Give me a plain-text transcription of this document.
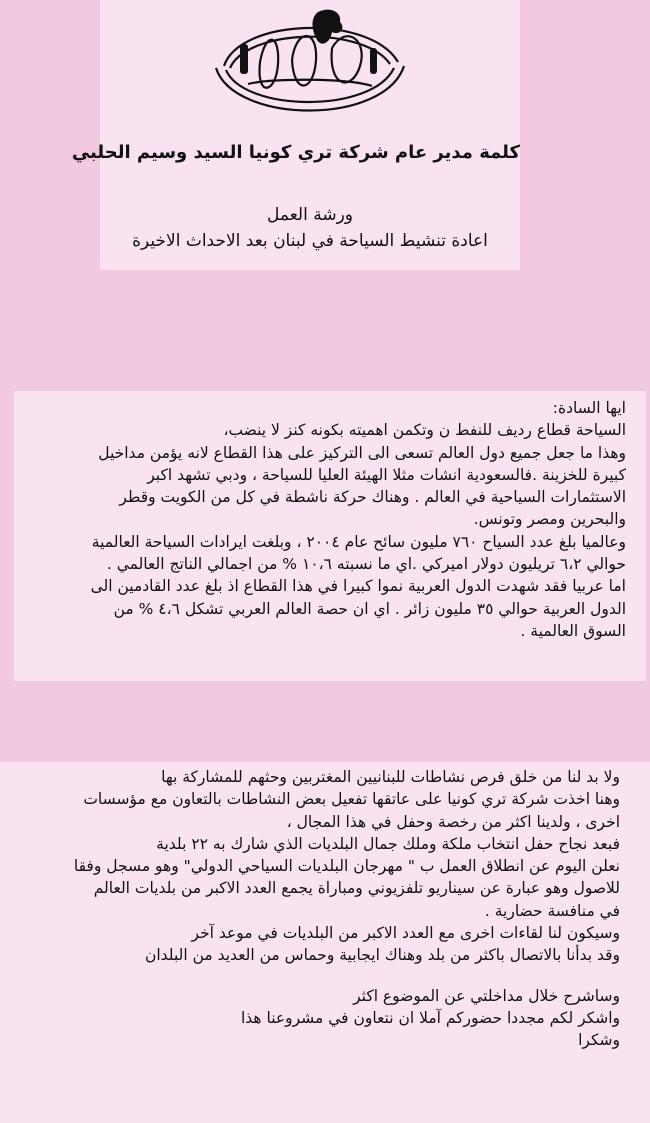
كلمة مدير عام شركة تري كونيا السيد وسيم الحلبي
ورشة العمل
اعادة تنشيط السياحة في لبنان بعد الاحداث الاخيرة
ايها السادة:
السياحة قطاع رديف للنفط ن وتكمن اهميته بكونه كنز لا ينضب،
وهذا ما جعل جميع دول العالم تسعى الى التركيز على هذا القطاع لانه يؤمن مداخيل
كبيرة للخزينة .فالسعودية انشات مثلا الهيئة العليا للسياحة ، ودبي تشهد اكبر
الاستثمارات السياحية في العالم . وهناك حركة ناشطة في كل من الكويت وقطر
والبحرين ومصر وتونس.
وعالميا بلغ عدد السياح ٧٦٠ مليون سائح عام ٢٠٠٤ ، وبلغت ايرادات السياحة العالمية
حوالي ٦،٢ تريليون دولار اميركي .اي ما نسبته ١٠،٦ % من اجمالي الناتج العالمي .
اما عربيا فقد شهدت الدول العربية نموا كبيرا في هذا القطاع اذ بلغ عدد القادمين الى
الدول العربية حوالي ٣٥ مليون زائر . اي ان حصة العالم العربي تشكل ٤،٦ % من
السوق العالمية .
ولا بد لنا من خلق فرص نشاطات للبنانيين المغتربين وحثهم للمشاركة بها
وهنا اخذت شركة تري كونيا على عاتقها تفعيل بعض النشاطات بالتعاون مع مؤسسات
اخرى ، ولدينا اكثر من رخصة وحفل في هذا المجال ،
فبعد نجاح حفل انتخاب ملكة وملك جمال البلديات الذي شارك به ٢٢ بلدية
نعلن اليوم عن انطلاق العمل ب " مهرجان البلديات السياحي الدولي" وهو مسجل وفقا
للاصول وهو عبارة عن سيناريو تلفزيوني ومباراة يجمع العدد الاكبر من بلديات العالم
في منافسة حضارية .
وسيكون لنا لقاءات اخرى مع العدد الاكبر من البلديات في موعد آخر
وقد بدأنا بالاتصال باكثر من بلد وهناك ايجابية وحماس من العديد من البلدان
وساشرح خلال مداخلتي عن الموضوع اكثر
واشكر لكم مجددا حضوركم آملا ان نتعاون في مشروعنا هذا
وشكرا
